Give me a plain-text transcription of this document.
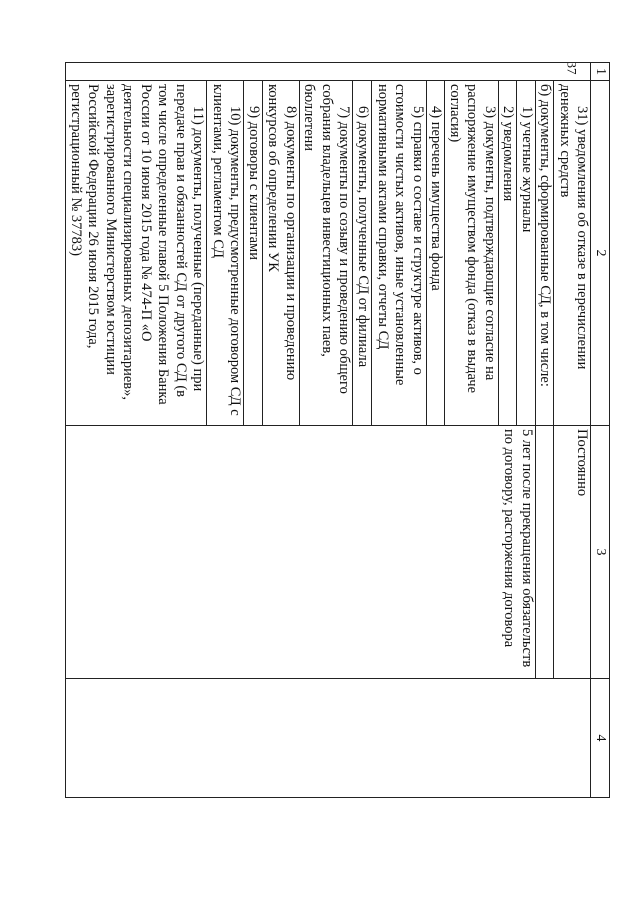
37 1	2	3	4
	31) уведомления об отказе в перечислении денежных средств	Постоянно	
	б) документы, сформированные СД, в том числе:		
	1) учетные журналы	5 лет после прекращения обязательств по договору, расторжения договора	
	2) уведомления		
	3) документы, подтверждающие согласие на распоряжение имуществом фонда (отказ в выдаче согласия)		
	4) перечень имущества фонда		
	5) справки о составе и структуре активов, о стоимости чистых активов, иные установленные нормативными актами справки, отчеты СД		
	6) документы, полученные СД от филиала		
	7) документы по созыву и проведению общего собрания владельцев инвестиционных паев, бюллетени		
	8) документы по организации и проведению конкурсов об определении УК		
	9) договоры с клиентами		
	10) документы, предусмотренные договором СД с клиентами, регламентом СД		
	11) документы, полученные (переданные) при передаче прав и обязанностей СД от другого СД (в том числе определенные главой 5 Положения Банка России от 10 июня 2015 года № 474-П «О деятельности специализированных депозитариев», зарегистрированного Министерством юстиции Российской Федерации 26 июня 2015 года, регистрационный № 37783)		
